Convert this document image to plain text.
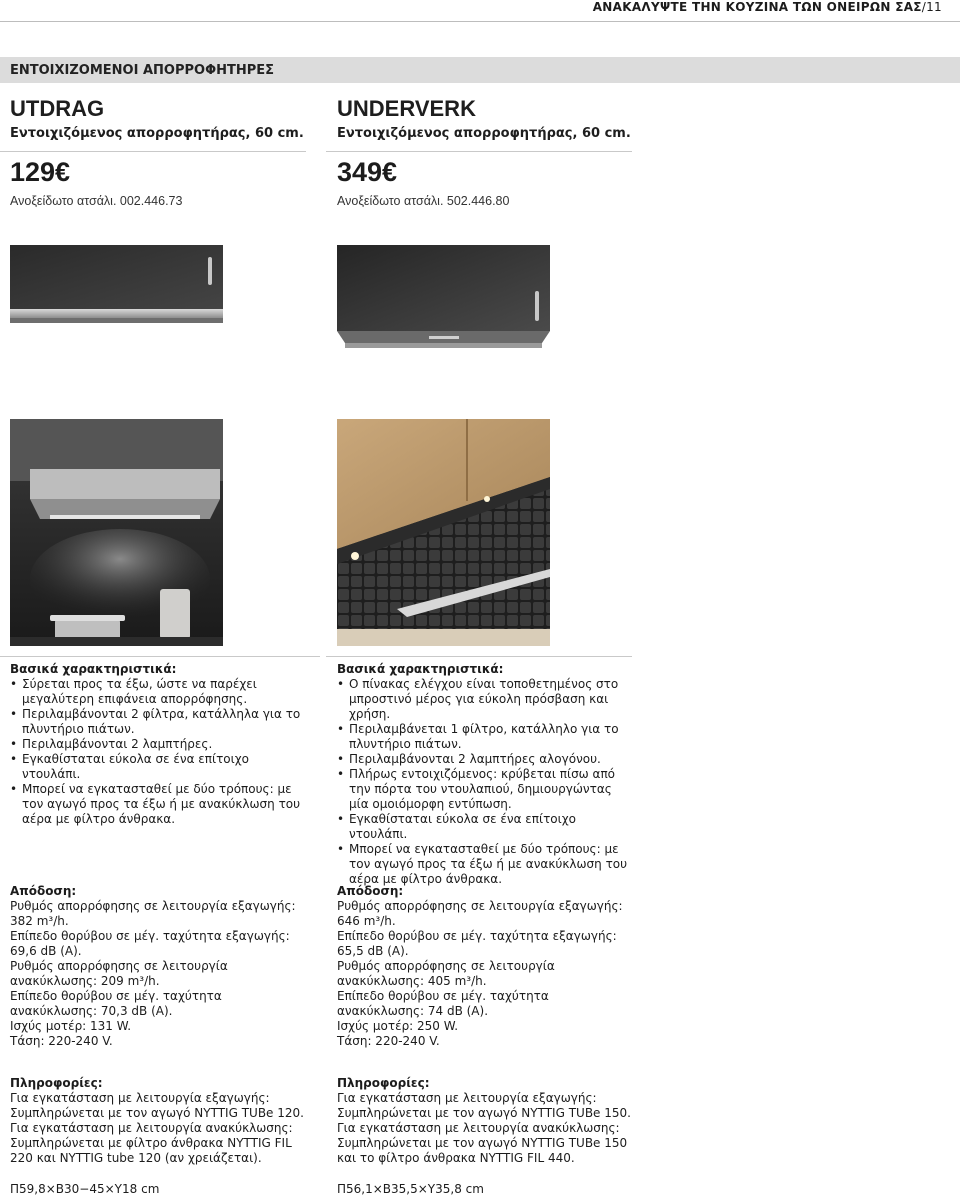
ΑΝΑΚΑΛΥΨΤΕ ΤΗΝ ΚΟΥΖΙΝΑ ΤΩΝ ΟΝΕΙΡΩΝ ΣΑΣ/11
ΕΝΤΟΙΧΙΖΟΜΕΝΟΙ ΑΠΟΡΡΟΦΗΤΗΡΕΣ
UTDRAG
Εντοιχιζόμενος απορροφητήρας, 60 cm.
129€
Ανοξείδωτο ατσάλι. 002.446.73
Βασικά χαρακτηριστικά:
• Σύρεται προς τα έξω, ώστε να παρέχει μεγαλύτερη επιφάνεια απορρόφησης.
• Περιλαμβάνονται 2 φίλτρα, κατάλληλα για το πλυντήριο πιάτων.
• Περιλαμβάνονται 2 λαμπτήρες.
• Εγκαθίσταται εύκολα σε ένα επίτοιχο ντουλάπι.
• Μπορεί να εγκατασταθεί με δύο τρόπους: με τον αγωγό προς τα έξω ή με ανακύκλωση του αέρα με φίλτρο άνθρακα.
Απόδοση:
Ρυθμός απορρόφησης σε λειτουργία εξαγωγής: 382 m³/h.
Επίπεδο θορύβου σε μέγ. ταχύτητα εξαγωγής: 69,6 dB (A).
Ρυθμός απορρόφησης σε λειτουργία ανακύκλωσης: 209 m³/h.
Επίπεδο θορύβου σε μέγ. ταχύτητα ανακύκλωσης: 70,3 dB (A).
Ισχύς μοτέρ: 131 W.
Τάση: 220-240 V.
Πληροφορίες:
Για εγκατάσταση με λειτουργία εξαγωγής: Συμπληρώνεται με τον αγωγό NYTTIG TUBe 120.
Για εγκατάσταση με λειτουργία ανακύκλωσης: Συμπληρώνεται με φίλτρο άνθρακα NYTTIG FIL 220 και NYTTIG tube 120 (αν χρειάζεται).
Π59,8×Β30−45×Υ18 cm
UNDERVERK
Εντοιχιζόμενος απορροφητήρας, 60 cm.
349€
Ανοξείδωτο ατσάλι. 502.446.80
Βασικά χαρακτηριστικά:
• Ο πίνακας ελέγχου είναι τοποθετημένος στο μπροστινό μέρος για εύκολη πρόσβαση και χρήση.
• Περιλαμβάνεται 1 φίλτρο, κατάλληλο για το πλυντήριο πιάτων.
• Περιλαμβάνονται 2 λαμπτήρες αλογόνου.
• Πλήρως εντοιχιζόμενος: κρύβεται πίσω από την πόρτα του ντουλαπιού, δημιουργώντας μία ομοιόμορφη εντύπωση.
• Εγκαθίσταται εύκολα σε ένα επίτοιχο ντουλάπι.
• Μπορεί να εγκατασταθεί με δύο τρόπους: με τον αγωγό προς τα έξω ή με ανακύκλωση του αέρα με φίλτρο άνθρακα.
Απόδοση:
Ρυθμός απορρόφησης σε λειτουργία εξαγωγής: 646 m³/h.
Επίπεδο θορύβου σε μέγ. ταχύτητα εξαγωγής: 65,5 dB (A).
Ρυθμός απορρόφησης σε λειτουργία ανακύκλωσης: 405 m³/h.
Επίπεδο θορύβου σε μέγ. ταχύτητα ανακύκλωσης: 74 dB (A).
Ισχύς μοτέρ: 250 W.
Τάση: 220-240 V.
Πληροφορίες:
Για εγκατάσταση με λειτουργία εξαγωγής: Συμπληρώνεται με τον αγωγό NYTTIG TUBe 150.
Για εγκατάσταση με λειτουργία ανακύκλωσης: Συμπληρώνεται με τον αγωγό NYTTIG TUBe 150 και το φίλτρο άνθρακα NYTTIG FIL 440.
Π56,1×Β35,5×Υ35,8 cm
